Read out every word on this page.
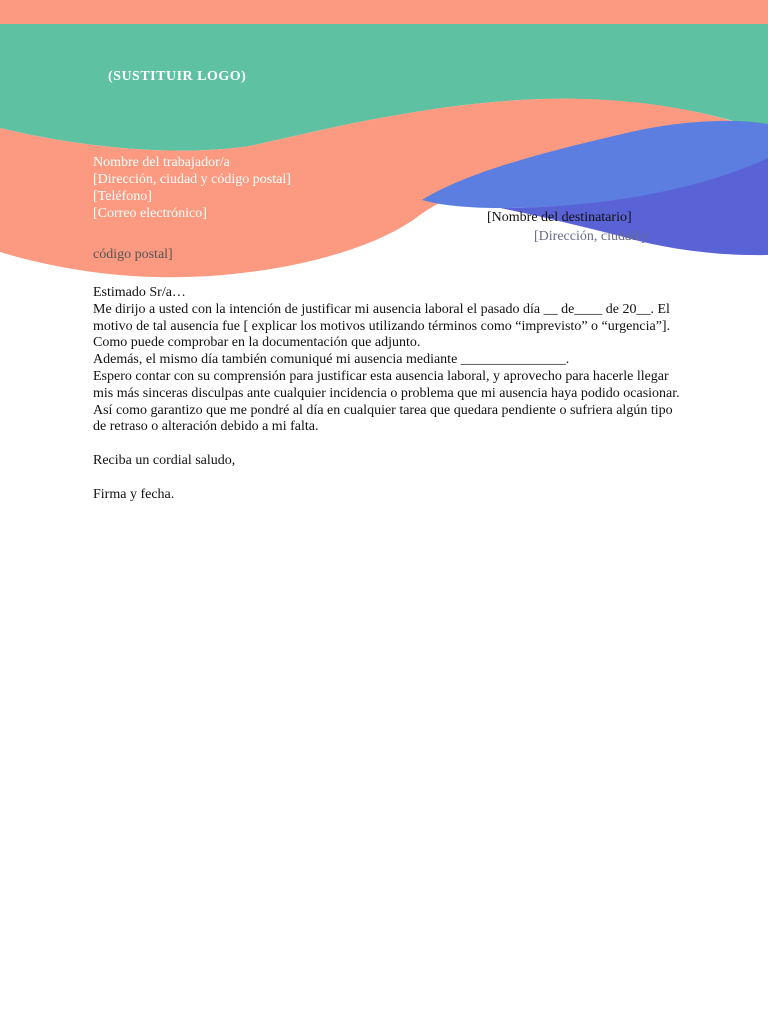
(SUSTITUIR LOGO)
Nombre del trabajador/a
[Dirección, ciudad y código postal]
[Teléfono]
[Correo electrónico]
código postal]
[Nombre del destinatario]
[Dirección, ciudad y

Estimado Sr/a…

Me dirijo a usted con la intención de justificar mi ausencia laboral el pasado día __ de____ de 20__. El motivo de tal ausencia fue [ explicar los motivos utilizando términos como “imprevisto” o “urgencia”].

Como puede comprobar en la documentación que adjunto.

Además, el mismo día también comuniqué mi ausencia mediante _______________.

Espero contar con su comprensión para justificar esta ausencia laboral, y aprovecho para hacerle llegar mis más sinceras disculpas ante cualquier incidencia o problema que mi ausencia haya podido ocasionar. Así como garantizo que me pondré al día en cualquier tarea que quedara pendiente o sufriera algún tipo de retraso o alteración debido a mi falta.

Reciba un cordial saludo,

Firma y fecha.
